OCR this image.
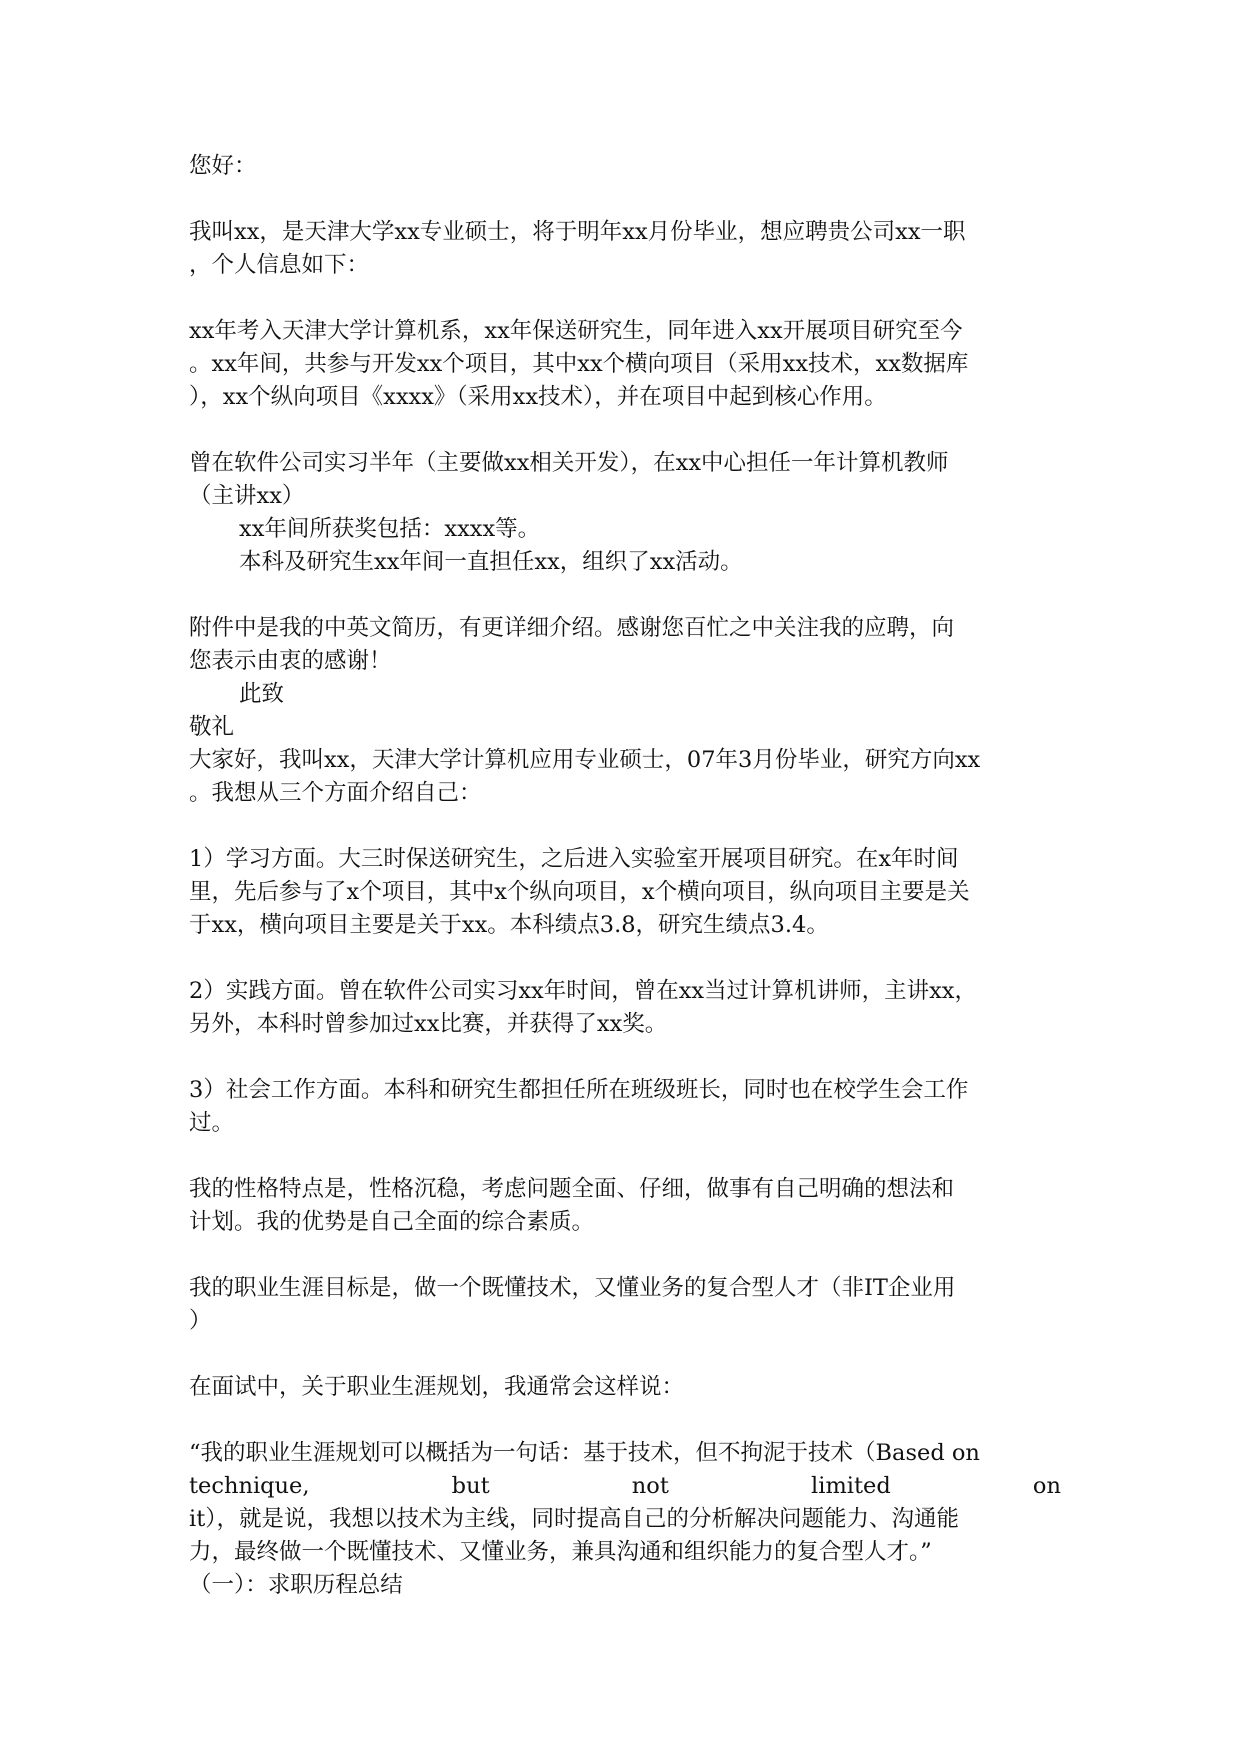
您好：
我叫xx，是天津大学xx专业硕士，将于明年xx月份毕业，想应聘贵公司xx一职
，个人信息如下：
xx年考入天津大学计算机系，xx年保送研究生，同年进入xx开展项目研究至今
。xx年间，共参与开发xx个项目，其中xx个横向项目（采用xx技术，xx数据库
），xx个纵向项目《xxxx》（采用xx技术），并在项目中起到核心作用。
曾在软件公司实习半年（主要做xx相关开发），在xx中心担任一年计算机教师
（主讲xx）
xx年间所获奖包括：xxxx等。
本科及研究生xx年间一直担任xx，组织了xx活动。
附件中是我的中英文简历，有更详细介绍。感谢您百忙之中关注我的应聘，向
您表示由衷的感谢！
此致
敬礼
大家好，我叫xx，天津大学计算机应用专业硕士，07年3月份毕业，研究方向xx
。我想从三个方面介绍自己：
1）学习方面。大三时保送研究生，之后进入实验室开展项目研究。在x年时间
里，先后参与了x个项目，其中x个纵向项目，x个横向项目，纵向项目主要是关
于xx，横向项目主要是关于xx。本科绩点3.8，研究生绩点3.4。
2）实践方面。曾在软件公司实习xx年时间，曾在xx当过计算机讲师，主讲xx，
另外，本科时曾参加过xx比赛，并获得了xx奖。
3）社会工作方面。本科和研究生都担任所在班级班长，同时也在校学生会工作
过。
我的性格特点是，性格沉稳，考虑问题全面、仔细，做事有自己明确的想法和
计划。我的优势是自己全面的综合素质。
我的职业生涯目标是，做一个既懂技术，又懂业务的复合型人才（非IT企业用
）
在面试中，关于职业生涯规划，我通常会这样说：
“我的职业生涯规划可以概括为一句话：基于技术，但不拘泥于技术（Based on
technique,	but	not	limited	on
it），就是说，我想以技术为主线，同时提高自己的分析解决问题能力、沟通能
力，最终做一个既懂技术、又懂业务，兼具沟通和组织能力的复合型人才。”
（一）：求职历程总结
